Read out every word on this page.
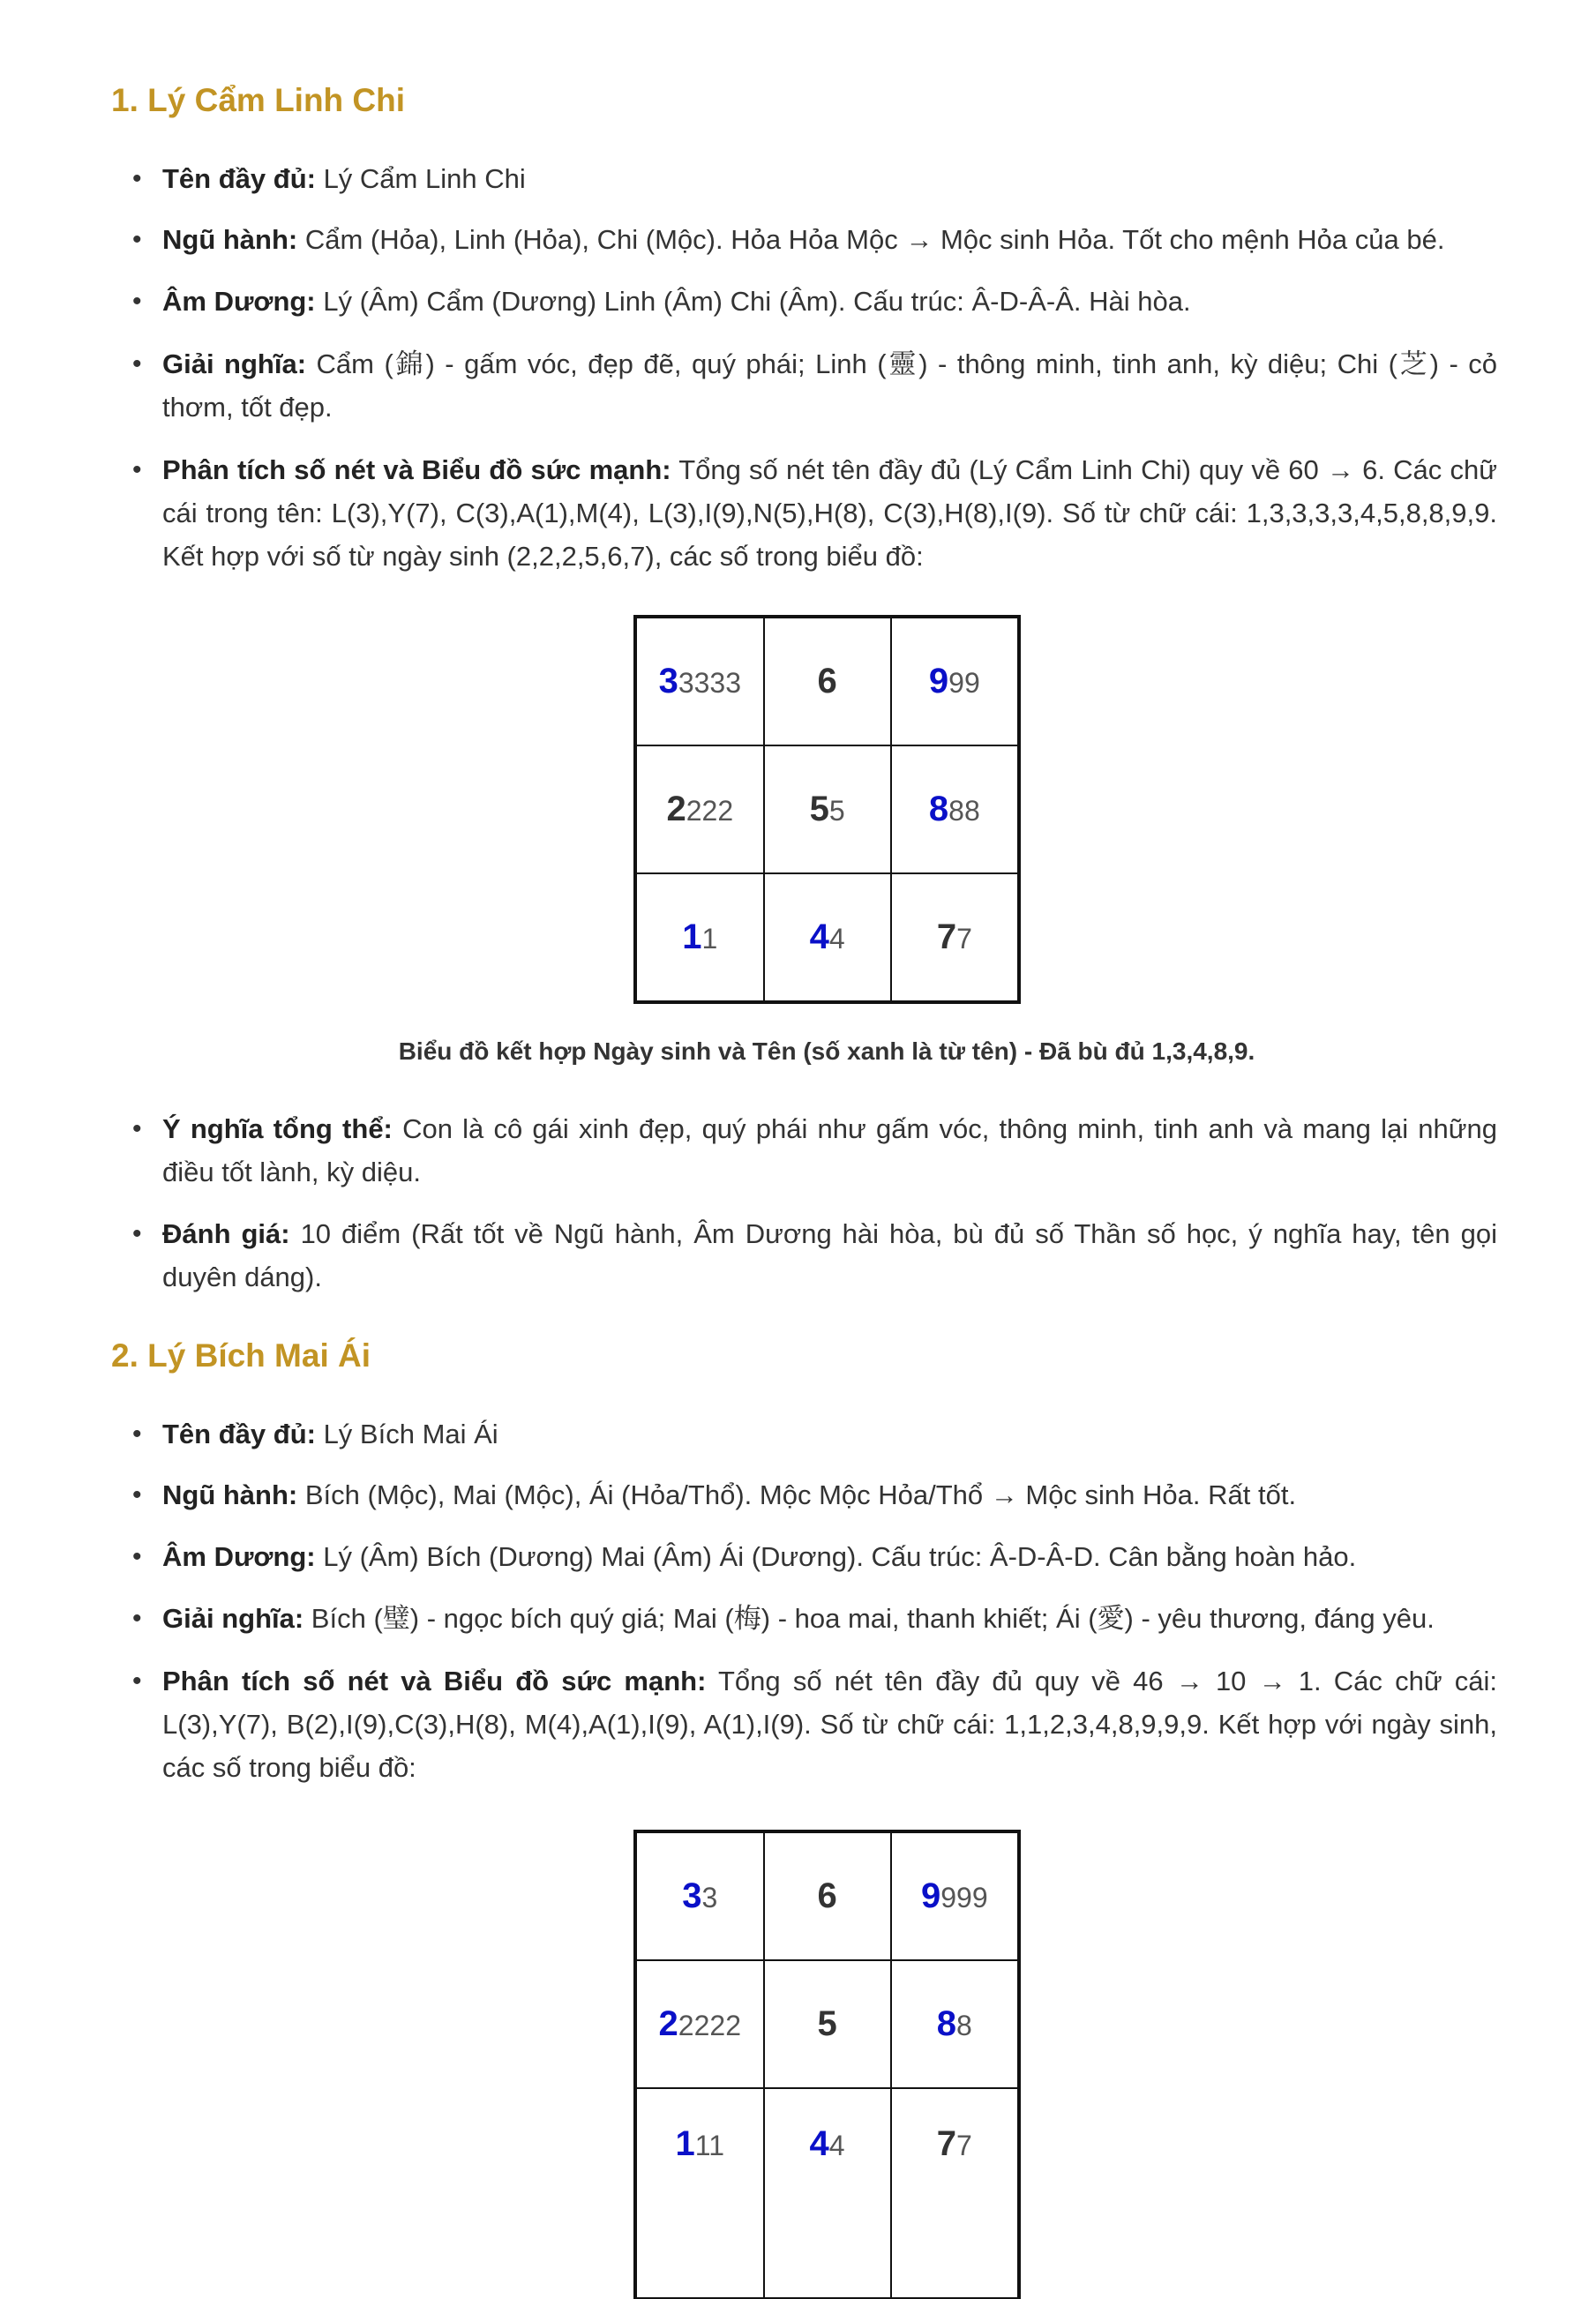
1. Lý Cẩm Linh Chi
• Tên đầy đủ: Lý Cẩm Linh Chi
• Ngũ hành: Cẩm (Hỏa), Linh (Hỏa), Chi (Mộc). Hỏa Hỏa Mộc → Mộc sinh Hỏa. Tốt cho mệnh Hỏa của bé.
• Âm Dương: Lý (Âm) Cẩm (Dương) Linh (Âm) Chi (Âm). Cấu trúc: Â-D-Â-Â. Hài hòa.
• Giải nghĩa: Cẩm (錦) - gấm vóc, đẹp đẽ, quý phái; Linh (靈) - thông minh, tinh anh, kỳ diệu; Chi (芝) - cỏ thơm, tốt đẹp.
• Phân tích số nét và Biểu đồ sức mạnh: Tổng số nét tên đầy đủ (Lý Cẩm Linh Chi) quy về 60 → 6. Các chữ cái trong tên: L(3),Y(7), C(3),A(1),M(4), L(3),I(9),N(5),H(8), C(3),H(8),I(9). Số từ chữ cái: 1,3,3,3,3,4,5,8,8,9,9. Kết hợp với số từ ngày sinh (2,2,2,5,6,7), các số trong biểu đồ:
33333	6	999
2222	55	888
11	44	77
Biểu đồ kết hợp Ngày sinh và Tên (số xanh là từ tên) - Đã bù đủ 1,3,4,8,9.
• Ý nghĩa tổng thể: Con là cô gái xinh đẹp, quý phái như gấm vóc, thông minh, tinh anh và mang lại những điều tốt lành, kỳ diệu.
• Đánh giá: 10 điểm (Rất tốt về Ngũ hành, Âm Dương hài hòa, bù đủ số Thần số học, ý nghĩa hay, tên gọi duyên dáng).
2. Lý Bích Mai Ái
• Tên đầy đủ: Lý Bích Mai Ái
• Ngũ hành: Bích (Mộc), Mai (Mộc), Ái (Hỏa/Thổ). Mộc Mộc Hỏa/Thổ → Mộc sinh Hỏa. Rất tốt.
• Âm Dương: Lý (Âm) Bích (Dương) Mai (Âm) Ái (Dương). Cấu trúc: Â-D-Â-D. Cân bằng hoàn hảo.
• Giải nghĩa: Bích (璧) - ngọc bích quý giá; Mai (梅) - hoa mai, thanh khiết; Ái (愛) - yêu thương, đáng yêu.
• Phân tích số nét và Biểu đồ sức mạnh: Tổng số nét tên đầy đủ quy về 46 → 10 → 1. Các chữ cái: L(3),Y(7), B(2),I(9),C(3),H(8), M(4),A(1),I(9), A(1),I(9). Số từ chữ cái: 1,1,2,3,4,8,9,9,9. Kết hợp với ngày sinh, các số trong biểu đồ:
33	6	9999
22222	5	88
111	44	77
